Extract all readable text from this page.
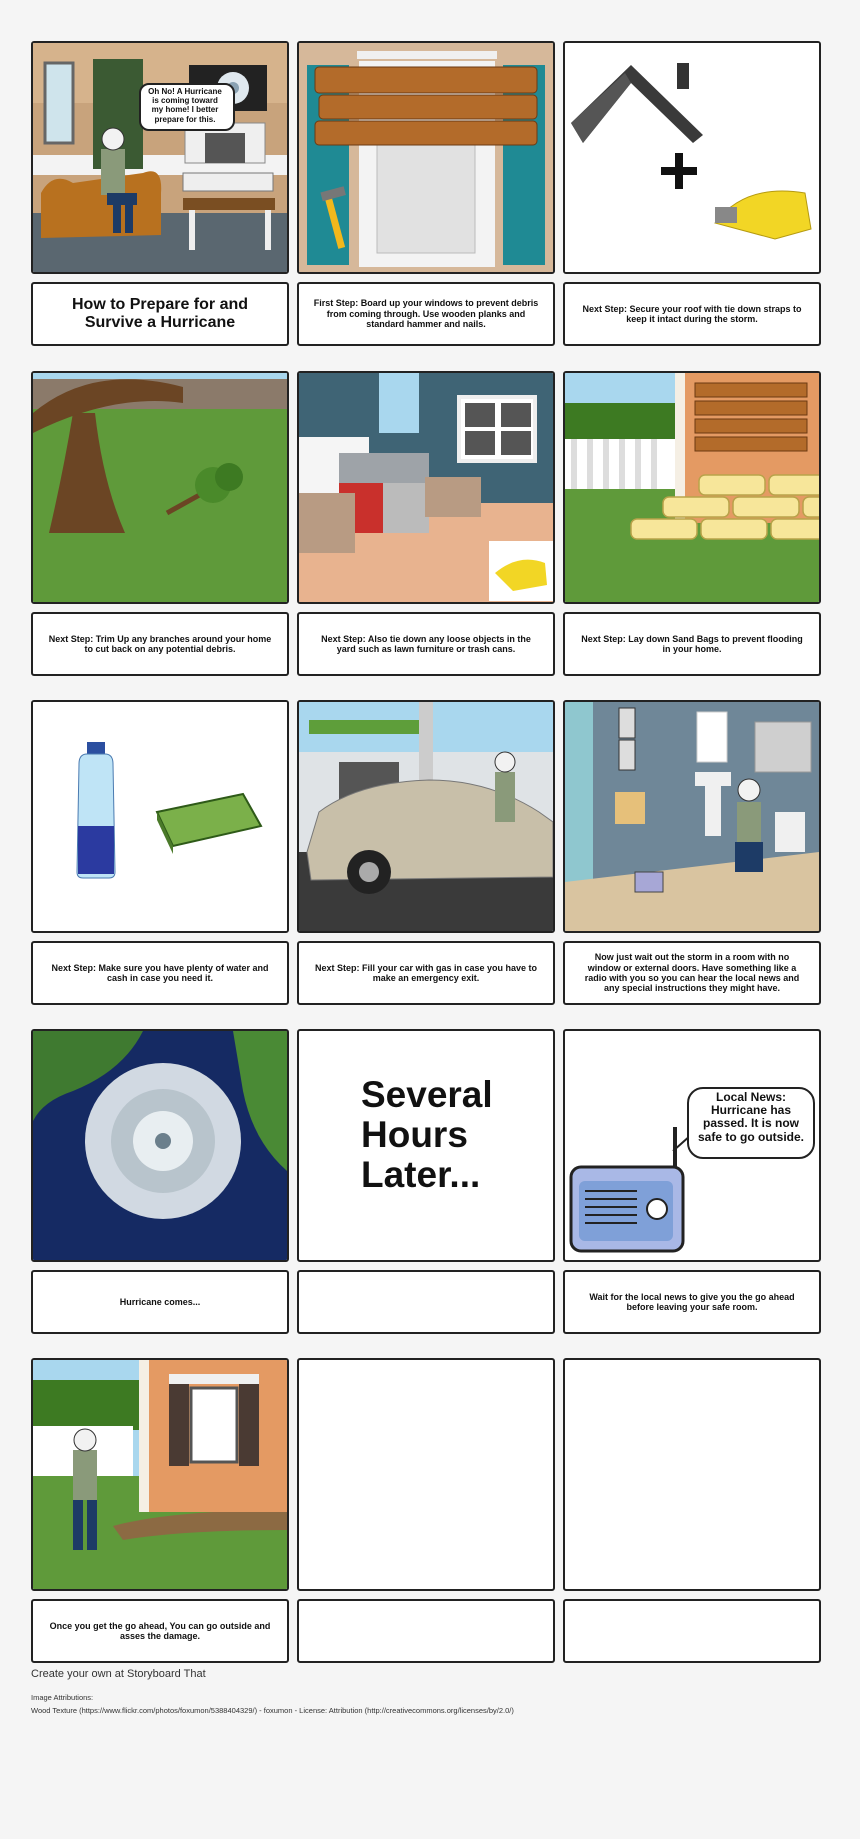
Oh No! A Hurricane
is coming toward
my home! I better
prepare for this.
How to Prepare for and Survive a Hurricane
First Step: Board up your windows to prevent debris from coming through. Use wooden planks and standard hammer and nails.
Next Step: Secure your roof with tie down straps to keep it intact during the storm.
Next Step: Trim Up any branches around your home to cut back on any potential debris.
Next Step: Also tie down any loose objects in the yard such as lawn furniture or trash cans.
Next Step: Lay down Sand Bags to prevent flooding in your home.
Next Step: Make sure you have plenty of water and cash in case you need it.
Next Step: Fill your car with gas in case you have to make an emergency exit.
Now just wait out the storm in a room with no window or external doors. Have something like a radio with you so you can hear the local news and any special instructions they might have.
Hurricane comes...
Several
Hours
Later...
Local News:
Hurricane has
passed. It is now
safe to go outside.
Wait for the local news to give you the go ahead before leaving your safe room.
Once you get the go ahead, You can go outside and asses the damage.
Create your own at Storyboard That
Image Attributions:
Wood Texture (https://www.flickr.com/photos/foxumon/5388404329/) - foxumon - License: Attribution (http://creativecommons.org/licenses/by/2.0/)
